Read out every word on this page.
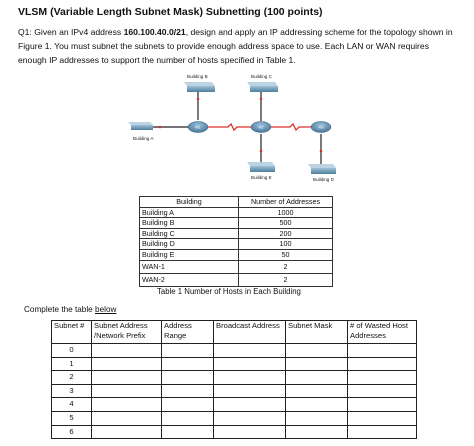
VLSM (Variable Length Subnet Mask) Subnetting (100 points)
Q1: Given an IPv4 address 160.100.40.0/21, design and apply an IP addressing scheme for the topology shown in Figure 1. You must subnet the subnets to provide enough address space to use. Each LAN or WAN requires enough IP addresses to support the number of hosts specified in Table 1.
R1	R2	R3
Building B	Building C
Building A
Building E	Building D
Building	Number of Addresses
Building A	1000
Building B	500
Building C	200
Building D	100
Building E	50
WAN-1	2
WAN-2	2
Table 1 Number of Hosts in Each Building
Complete the table below
Subnet #	Subnet Address /Network Prefix	Address Range	Broadcast Address	Subnet Mask	# of Wasted Host Addresses
0					
1					
2					
3					
4					
5					
6					
